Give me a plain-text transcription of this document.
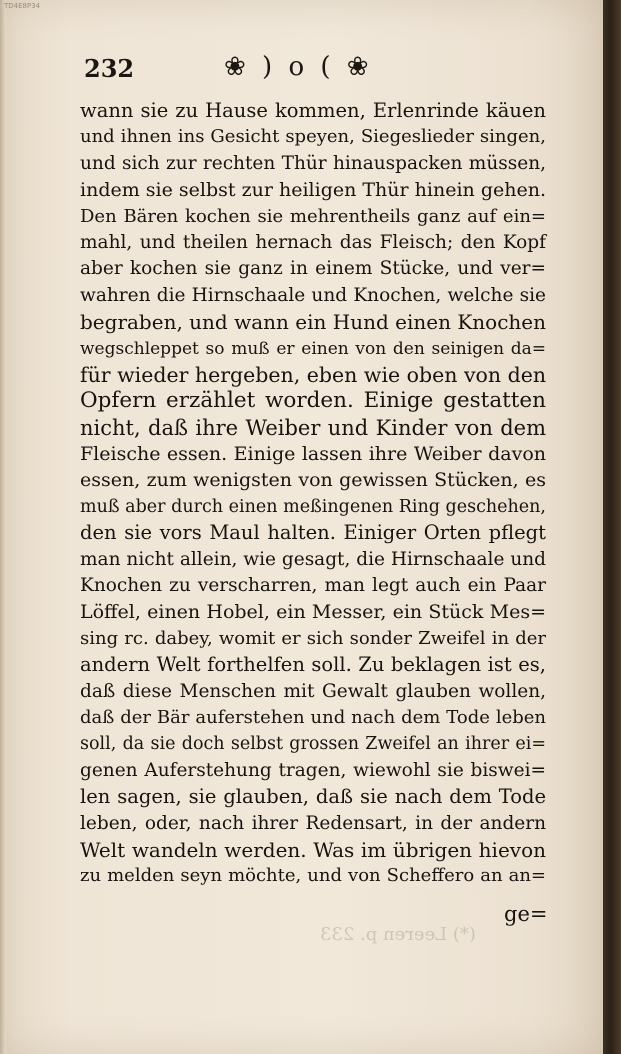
TD4E8P34
232	❀ ) o ( ❀
wann sie zu Hause kommen, Erlenrinde käuen
und ihnen ins Gesicht speyen, Siegeslieder singen,
und sich zur rechten Thür hinauspacken müssen,
indem sie selbst zur heiligen Thür hinein gehen.
Den Bären kochen sie mehrentheils ganz auf ein=
mahl, und theilen hernach das Fleisch; den Kopf
aber kochen sie ganz in einem Stücke, und ver=
wahren die Hirnschaale und Knochen, welche sie
begraben, und wann ein Hund einen Knochen
wegschleppet so muß er einen von den seinigen da=
für wieder hergeben, eben wie oben von den
Opfern erzählet worden. Einige gestatten
nicht, daß ihre Weiber und Kinder von dem
Fleische essen. Einige lassen ihre Weiber davon
essen, zum wenigsten von gewissen Stücken, es
muß aber durch einen meßingenen Ring geschehen,
den sie vors Maul halten. Einiger Orten pflegt
man nicht allein, wie gesagt, die Hirnschaale und
Knochen zu verscharren, man legt auch ein Paar
Löffel, einen Hobel, ein Messer, ein Stück Mes=
sing rc. dabey, womit er sich sonder Zweifel in der
andern Welt forthelfen soll. Zu beklagen ist es,
daß diese Menschen mit Gewalt glauben wollen,
daß der Bär auferstehen und nach dem Tode leben
soll, da sie doch selbst grossen Zweifel an ihrer ei=
genen Auferstehung tragen, wiewohl sie biswei=
len sagen, sie glauben, daß sie nach dem Tode
leben, oder, nach ihrer Redensart, in der andern
Welt wandeln werden. Was im übrigen hievon
zu melden seyn möchte, und von Scheffero an an=
ge=
(*) Leeren p. 233
